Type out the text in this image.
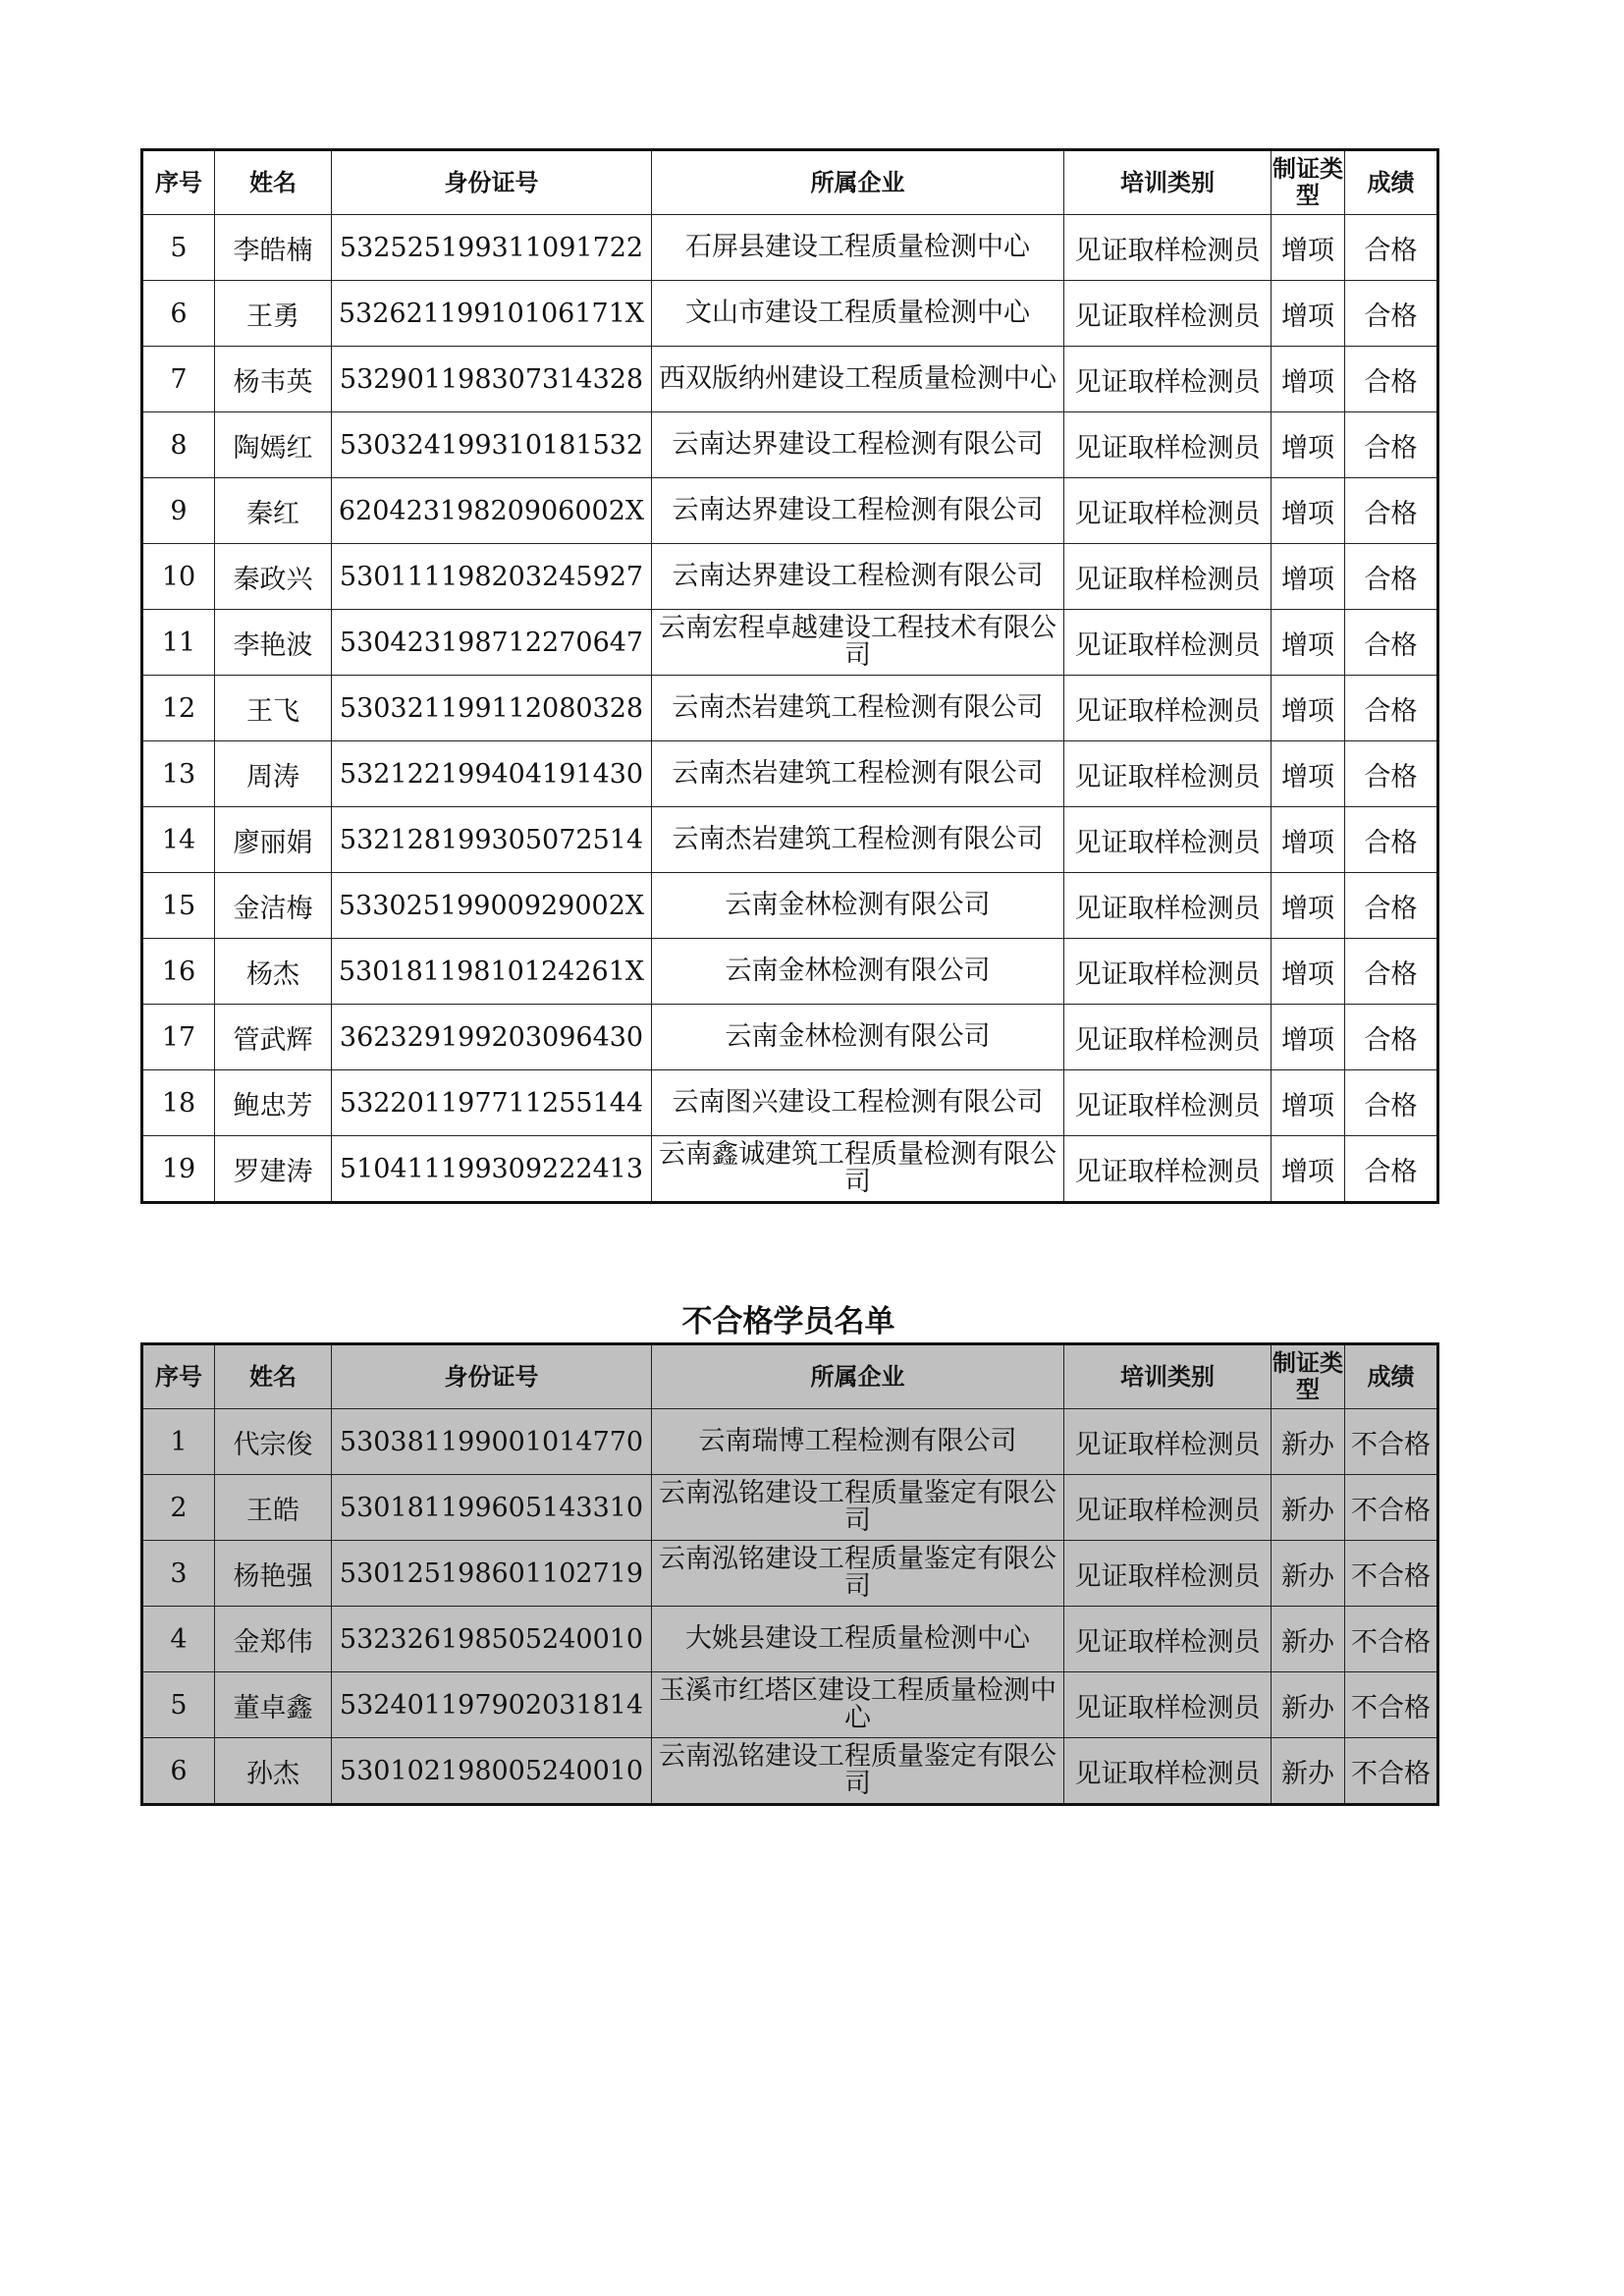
序号	姓名	身份证号	所属企业	培训类别	制证类型	成绩
5	李皓楠	532525199311091722	石屏县建设工程质量检测中心	见证取样检测员	增项	合格
6	王勇	53262119910106171X	文山市建设工程质量检测中心	见证取样检测员	增项	合格
7	杨韦英	532901198307314328	西双版纳州建设工程质量检测中心	见证取样检测员	增项	合格
8	陶嫣红	530324199310181532	云南达界建设工程检测有限公司	见证取样检测员	增项	合格
9	秦红	62042319820906002X	云南达界建设工程检测有限公司	见证取样检测员	增项	合格
10	秦政兴	530111198203245927	云南达界建设工程检测有限公司	见证取样检测员	增项	合格
11	李艳波	530423198712270647	云南宏程卓越建设工程技术有限公司	见证取样检测员	增项	合格
12	王飞	530321199112080328	云南杰岩建筑工程检测有限公司	见证取样检测员	增项	合格
13	周涛	532122199404191430	云南杰岩建筑工程检测有限公司	见证取样检测员	增项	合格
14	廖丽娟	532128199305072514	云南杰岩建筑工程检测有限公司	见证取样检测员	增项	合格
15	金洁梅	53302519900929002X	云南金林检测有限公司	见证取样检测员	增项	合格
16	杨杰	53018119810124261X	云南金林检测有限公司	见证取样检测员	增项	合格
17	管武辉	362329199203096430	云南金林检测有限公司	见证取样检测员	增项	合格
18	鲍忠芳	532201197711255144	云南图兴建设工程检测有限公司	见证取样检测员	增项	合格
19	罗建涛	510411199309222413	云南鑫诚建筑工程质量检测有限公司	见证取样检测员	增项	合格
不合格学员名单
序号	姓名	身份证号	所属企业	培训类别	制证类型	成绩
1	代宗俊	530381199001014770	云南瑞博工程检测有限公司	见证取样检测员	新办	不合格
2	王皓	530181199605143310	云南泓铭建设工程质量鉴定有限公司	见证取样检测员	新办	不合格
3	杨艳强	530125198601102719	云南泓铭建设工程质量鉴定有限公司	见证取样检测员	新办	不合格
4	金郑伟	532326198505240010	大姚县建设工程质量检测中心	见证取样检测员	新办	不合格
5	董卓鑫	532401197902031814	玉溪市红塔区建设工程质量检测中心	见证取样检测员	新办	不合格
6	孙杰	530102198005240010	云南泓铭建设工程质量鉴定有限公司	见证取样检测员	新办	不合格
